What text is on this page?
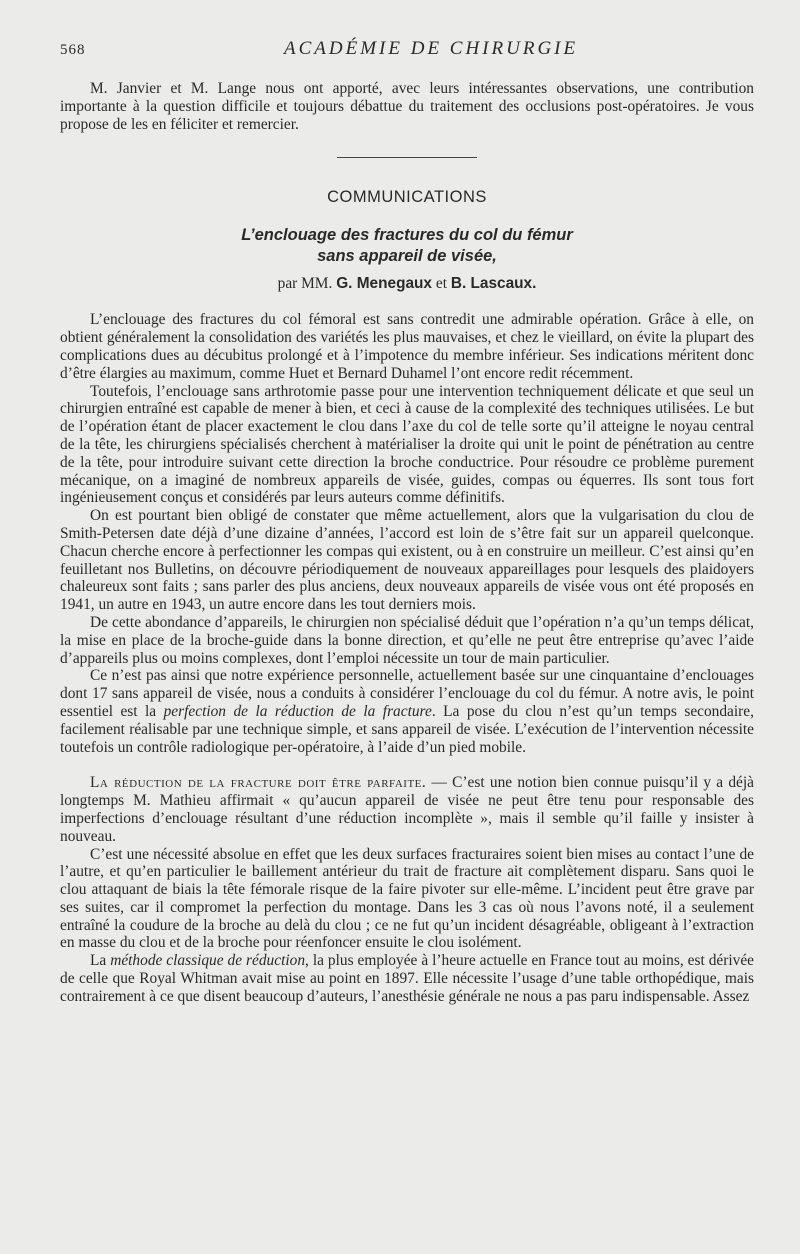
568	ACADÉMIE DE CHIRURGIE

M. Janvier et M. Lange nous ont apporté, avec leurs intéressantes observations, une contribution importante à la question difficile et toujours débattue du traitement des occlusions post-opératoires. Je vous propose de les en féliciter et remercier.

COMMUNICATIONS
L’enclouage des fractures du col du fémur
sans appareil de visée,
par MM. G. Menegaux et B. Lascaux.

L’enclouage des fractures du col fémoral est sans contredit une admirable opération. Grâce à elle, on obtient généralement la consolidation des variétés les plus mauvaises, et chez le vieillard, on évite la plupart des complications dues au décubitus prolongé et à l’impotence du membre inférieur. Ses indications méritent donc d’être élargies au maximum, comme Huet et Bernard Duhamel l’ont encore redit récemment.

Toutefois, l’enclouage sans arthrotomie passe pour une intervention techniquement délicate et que seul un chirurgien entraîné est capable de mener à bien, et ceci à cause de la complexité des techniques utilisées. Le but de l’opération étant de placer exactement le clou dans l’axe du col de telle sorte qu’il atteigne le noyau central de la tête, les chirurgiens spécialisés cherchent à matérialiser la droite qui unit le point de pénétration au centre de la tête, pour introduire suivant cette direction la broche conductrice. Pour résoudre ce problème purement mécanique, on a imaginé de nombreux appareils de visée, guides, compas ou équerres. Ils sont tous fort ingénieusement conçus et considérés par leurs auteurs comme définitifs.

On est pourtant bien obligé de constater que même actuellement, alors que la vulgarisation du clou de Smith-Petersen date déjà d’une dizaine d’années, l’accord est loin de s’être fait sur un appareil quelconque. Chacun cherche encore à perfectionner les compas qui existent, ou à en construire un meilleur. C’est ainsi qu’en feuilletant nos Bulletins, on découvre périodiquement de nouveaux appareillages pour lesquels des plaidoyers chaleureux sont faits ; sans parler des plus anciens, deux nouveaux appareils de visée vous ont été proposés en 1941, un autre en 1943, un autre encore dans les tout derniers mois.

De cette abondance d’appareils, le chirurgien non spécialisé déduit que l’opération n’a qu’un temps délicat, la mise en place de la broche-guide dans la bonne direction, et qu’elle ne peut être entreprise qu’avec l’aide d’appareils plus ou moins complexes, dont l’emploi nécessite un tour de main particulier.

Ce n’est pas ainsi que notre expérience personnelle, actuellement basée sur une cinquantaine d’enclouages dont 17 sans appareil de visée, nous a conduits à considérer l’enclouage du col du fémur. A notre avis, le point essentiel est la perfection de la réduction de la fracture. La pose du clou n’est qu’un temps secondaire, facilement réalisable par une technique simple, et sans appareil de visée. L’exécution de l’intervention nécessite toutefois un contrôle radiologique per-opératoire, à l’aide d’un pied mobile.

La réduction de la fracture doit être parfaite. — C’est une notion bien connue puisqu’il y a déjà longtemps M. Mathieu affirmait « qu’aucun appareil de visée ne peut être tenu pour responsable des imperfections d’enclouage résultant d’une réduction incomplète », mais il semble qu’il faille y insister à nouveau.

C’est une nécessité absolue en effet que les deux surfaces fracturaires soient bien mises au contact l’une de l’autre, et qu’en particulier le baillement antérieur du trait de fracture ait complètement disparu. Sans quoi le clou attaquant de biais la tête fémorale risque de la faire pivoter sur elle-même. L’incident peut être grave par ses suites, car il compromet la perfection du montage. Dans les 3 cas où nous l’avons noté, il a seulement entraîné la coudure de la broche au delà du clou ; ce ne fut qu’un incident désagréable, obligeant à l’extraction en masse du clou et de la broche pour réenfoncer ensuite le clou isolément.

La méthode classique de réduction, la plus employée à l’heure actuelle en France tout au moins, est dérivée de celle que Royal Whitman avait mise au point en 1897. Elle nécessite l’usage d’une table orthopédique, mais contrairement à ce que disent beaucoup d’auteurs, l’anesthésie générale ne nous a pas paru indispensable. Assez
